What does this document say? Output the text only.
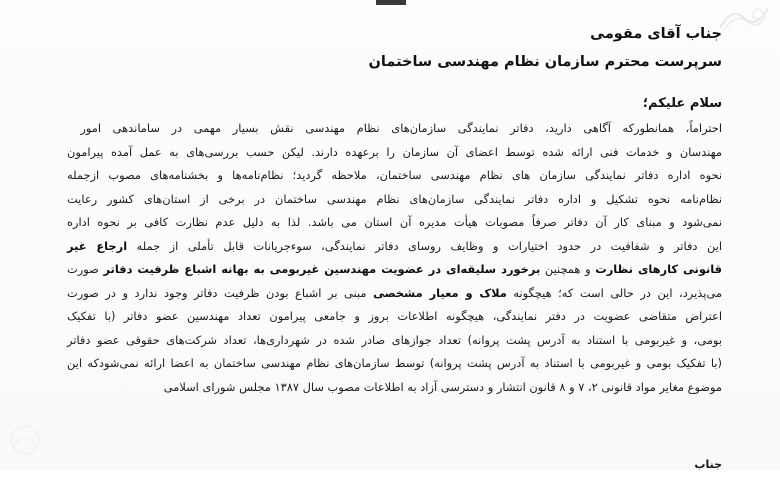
جناب آقای مقومی

سرپرست محترم سازمان نظام مهندسی ساختمان

سلام علیکم؛

احتراماً، همانطورکه آگاهی دارید، دفاتر نمایندگی سازمان‌های نظام مهندسی نقش بسیار مهمی در ساماندهی امور
مهندسان و خدمات فنی ارائه شده توسط اعضای آن سازمان را برعهده دارند. لیکن حسب بررسی‌های به عمل آمده پیرامون
نحوه اداره دفاتر نمایندگی سازمان های نظام مهندسی ساختمان، ملاحظه گردید؛ نظام‌نامه‌ها و بخشنامه‌های مصوب ازجمله
نظام‌نامه نحوه تشکیل و اداره دفاتر نمایندگی سازمان‌های نظام مهندسی ساختمان در برخی از استان‌های کشور رعایت
نمی‌شود و مبنای کار آن دفاتر صرفاً مصوبات هیأت مدیره آن استان می باشد. لذا به دلیل عدم نظارت کافی بر نحوه اداره
این دفاتر و شفافیت در حدود اختیارات و وظایف روسای دفاتر نمایندگی، سوءجریانات قابل تأملی از جمله ارجاع غیر
قانونی کارهای نظارت و همچنین برخورد سلیقه‌ای در عضویت مهندسین غیربومی به بهانه اشباع ظرفیت دفاتر صورت
می‌پذیرد، این در حالی است که؛ هیچگونه ملاک و معیار مشخصی مبنی بر اشباع بودن ظرفیت دفاتر وجود ندارد و در صورت
اعتراض متقاضی عضویت در دفتر نمایندگی، هیچگونه اطلاعات بروز و جامعی پیرامون تعداد مهندسین عضو دفاتر (با تفکیک
بومی، و غیربومی با استناد به آدرس پشت پروانه) تعداد جوازهای صادر شده در شهرداری‌ها، تعداد شرکت‌های حقوقی عضو دفاتر
(با تفکیک بومی و غیربومی با استناد به آدرس پشت پروانه) توسط سازمان‌های نظام مهندسی ساختمان به اعضا ارائه نمی‌شودکه این
موضوع مغایر مواد قانونی ۲، ۷ و ۸ قانون انتشار و دسترسی آزاد به اطلاعات مصوب سال ۱۳۸۷ مجلس شورای اسلامی
جناب
